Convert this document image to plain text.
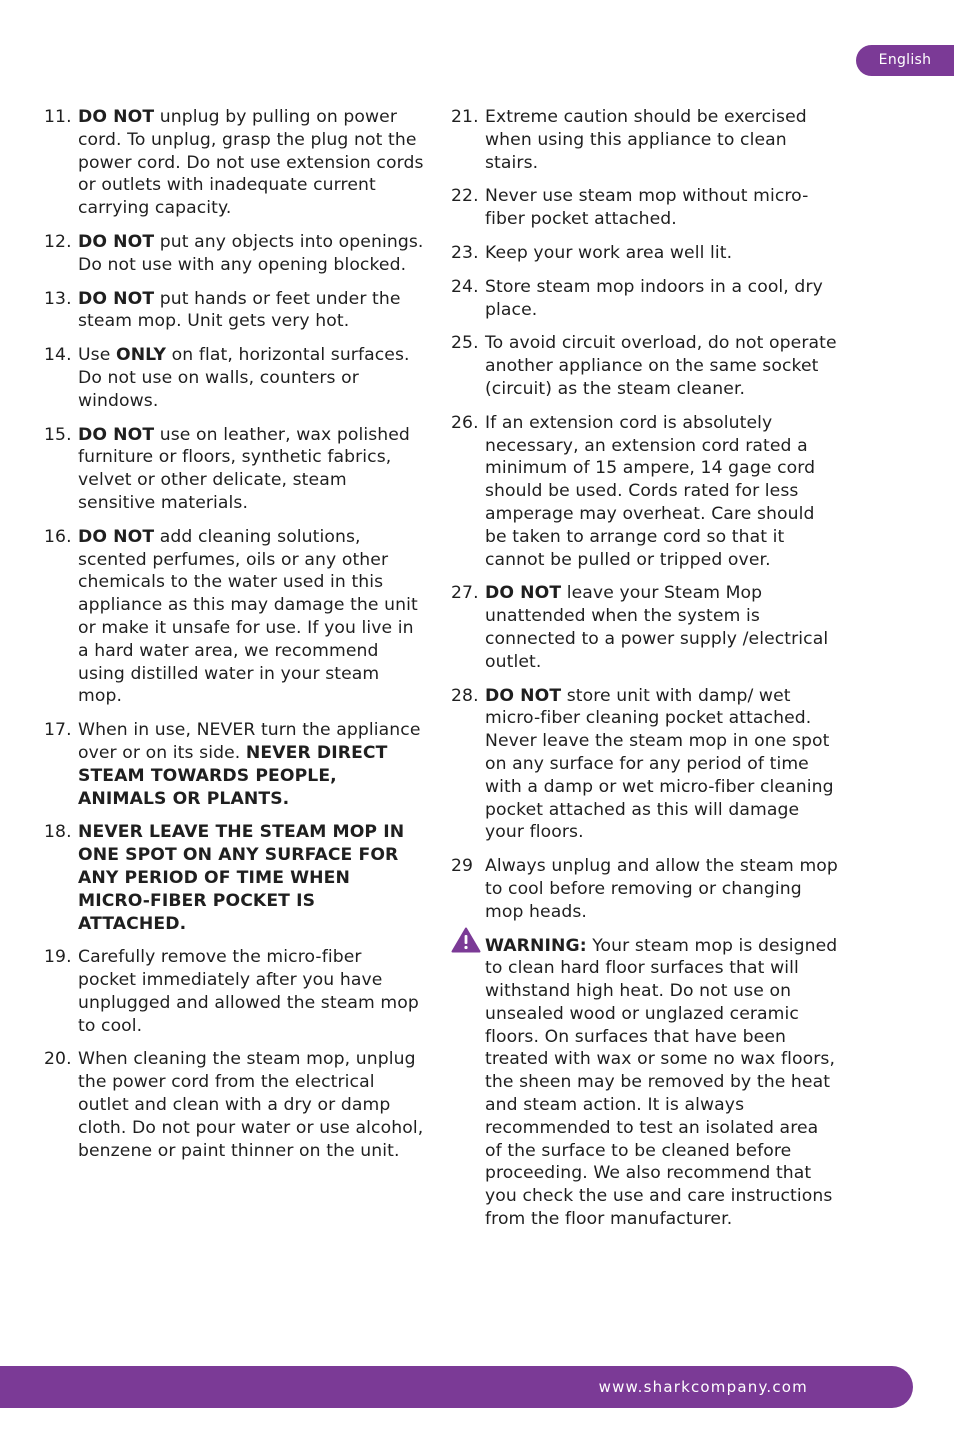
English
11. DO NOT unplug by pulling on power cord. To unplug, grasp the plug not the power cord. Do not use extension cords or outlets with inadequate current carrying capacity.
12. DO NOT put any objects into openings. Do not use with any opening blocked.
13. DO NOT put hands or feet under the steam mop. Unit gets very hot.
14. Use ONLY on flat, horizontal surfaces. Do not use on walls, counters or windows.
15. DO NOT use on leather, wax polished furniture or floors, synthetic fabrics, velvet or other delicate, steam sensitive materials.
16. DO NOT add cleaning solutions, scented perfumes, oils or any other chemicals to the water used in this appliance as this may damage the unit or make it unsafe for use. If you live in a hard water area, we recommend using distilled water in your steam mop.
17. When in use, NEVER turn the appliance over or on its side. NEVER DIRECT STEAM TOWARDS PEOPLE, ANIMALS OR PLANTS.
18. NEVER LEAVE THE STEAM MOP IN ONE SPOT ON ANY SURFACE FOR ANY PERIOD OF TIME WHEN MICRO-FIBER POCKET IS ATTACHED.
19. Carefully remove the micro-fiber pocket immediately after you have unplugged and allowed the steam mop to cool.
20. When cleaning the steam mop, unplug the power cord from the electrical outlet and clean with a dry or damp cloth. Do not pour water or use alcohol, benzene or paint thinner on the unit.
21. Extreme caution should be exercised when using this appliance to clean stairs.
22. Never use steam mop without micro-fiber pocket attached.
23. Keep your work area well lit.
24. Store steam mop indoors in a cool, dry place.
25. To avoid circuit overload, do not operate another appliance on the same socket (circuit) as the steam cleaner.
26. If an extension cord is absolutely necessary, an extension cord rated a minimum of 15 ampere, 14 gage cord should be used. Cords rated for less amperage may overheat. Care should be taken to arrange cord so that it cannot be pulled or tripped over.
27. DO NOT leave your Steam Mop unattended when the system is connected to a power supply /electrical outlet.
28. DO NOT store unit with damp/ wet micro-fiber cleaning pocket attached. Never leave the steam mop in one spot on any surface for any period of time with a damp or wet micro-fiber cleaning pocket attached as this will damage your floors.
29 Always unplug and allow the steam mop to cool before removing or changing mop heads.
WARNING: Your steam mop is designed to clean hard floor surfaces that will withstand high heat. Do not use on unsealed wood or unglazed ceramic floors. On surfaces that have been treated with wax or some no wax floors, the sheen may be removed by the heat and steam action. It is always recommended to test an isolated area of the surface to be cleaned before proceeding. We also recommend that you check the use and care instructions from the floor manufacturer.
www.sharkcompany.com
